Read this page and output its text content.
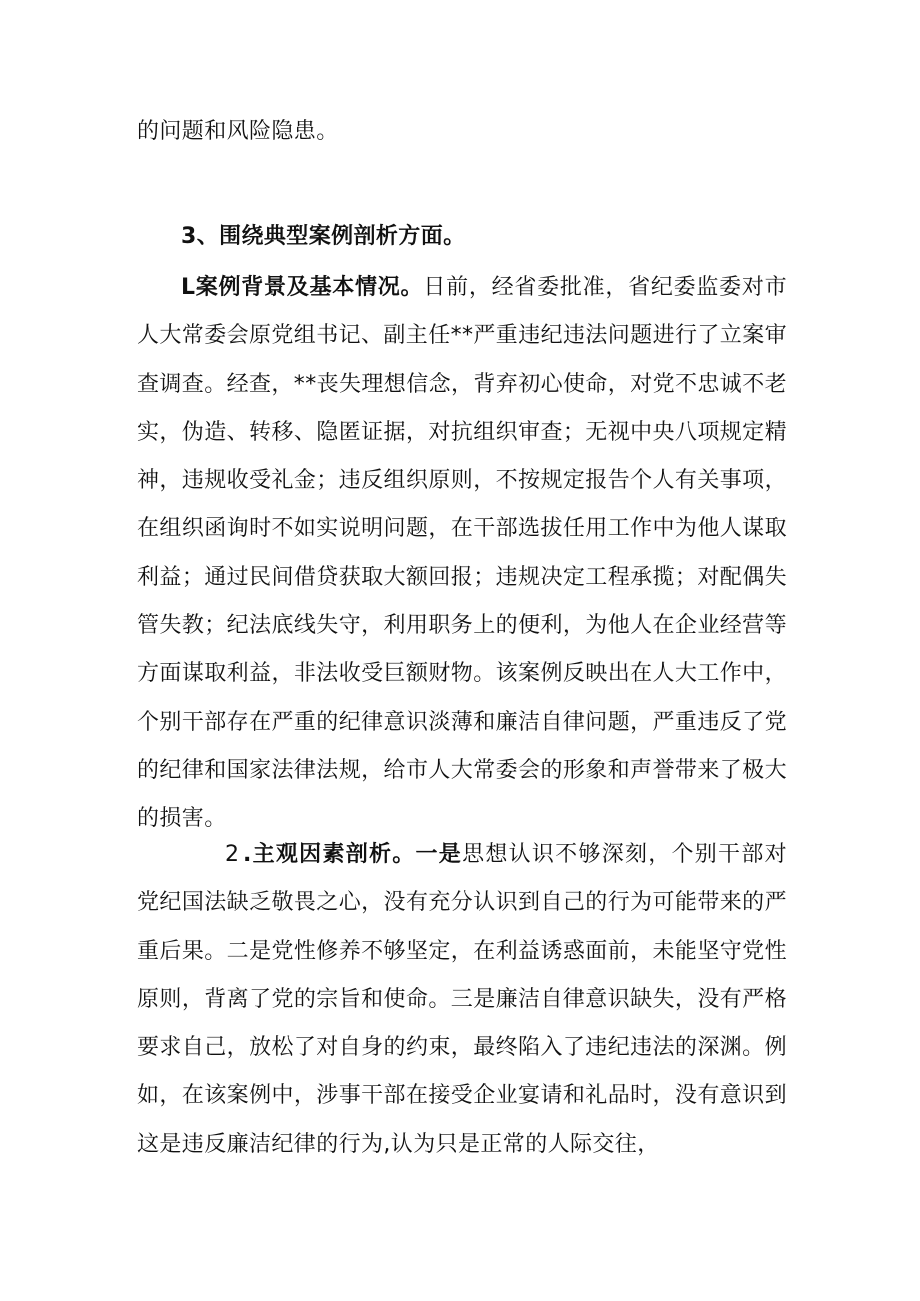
的问题和风险隐患。

3、围绕典型案例剖析方面。

L案例背景及基本情况。日前，经省委批准，省纪委监委对市人大常委会原党组书记、副主任**严重违纪违法问题进行了立案审查调查。经查，**丧失理想信念，背弃初心使命，对党不忠诚不老实，伪造、转移、隐匿证据，对抗组织审查；无视中央八项规定精神，违规收受礼金；违反组织原则，不按规定报告个人有关事项，在组织函询时不如实说明问题，在干部选拔任用工作中为他人谋取利益；通过民间借贷获取大额回报；违规决定工程承揽；对配偶失管失教；纪法底线失守，利用职务上的便利，为他人在企业经营等方面谋取利益，非法收受巨额财物。该案例反映出在人大工作中，个别干部存在严重的纪律意识淡薄和廉洁自律问题，严重违反了党的纪律和国家法律法规，给市人大常委会的形象和声誉带来了极大的损害。

2 .主观因素剖析。一是思想认识不够深刻，个别干部对党纪国法缺乏敬畏之心，没有充分认识到自己的行为可能带来的严重后果。二是党性修养不够坚定，在利益诱惑面前，未能坚守党性原则，背离了党的宗旨和使命。三是廉洁自律意识缺失，没有严格要求自己，放松了对自身的约束，最终陷入了违纪违法的深渊。例如，在该案例中，涉事干部在接受企业宴请和礼品时，没有意识到这是违反廉洁纪律的行为,认为只是正常的人际交往，
